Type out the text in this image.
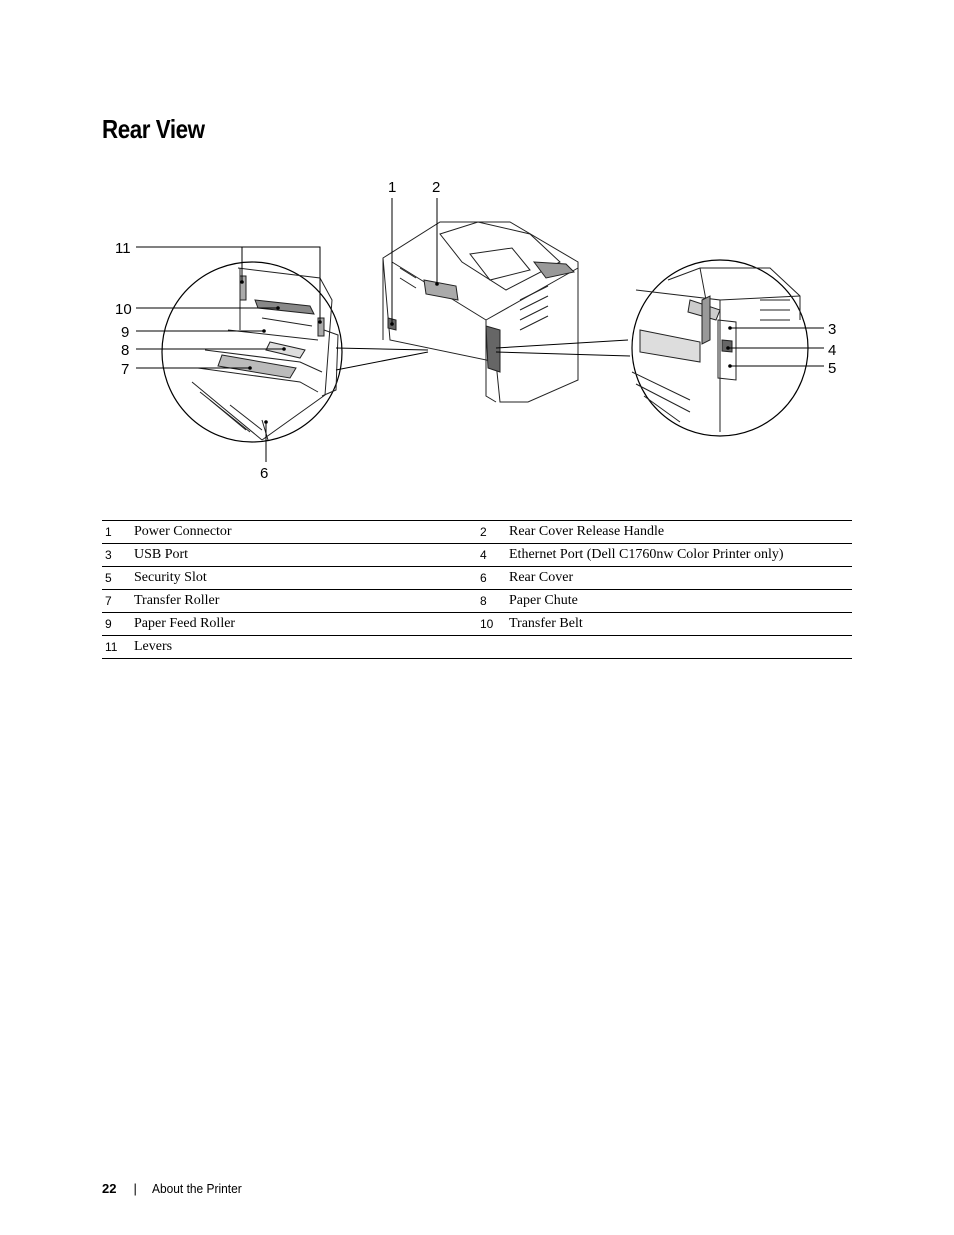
Rear View
1 2
3
4
5
6
7
8
9
10
11
1	Power Connector	2	Rear Cover Release Handle
3	USB Port	4	Ethernet Port (Dell C1760nw Color Printer only)
5	Security Slot	6	Rear Cover
7	Transfer Roller	8	Paper Chute
9	Paper Feed Roller	10	Transfer Belt
11	Levers		
22 | About the Printer
